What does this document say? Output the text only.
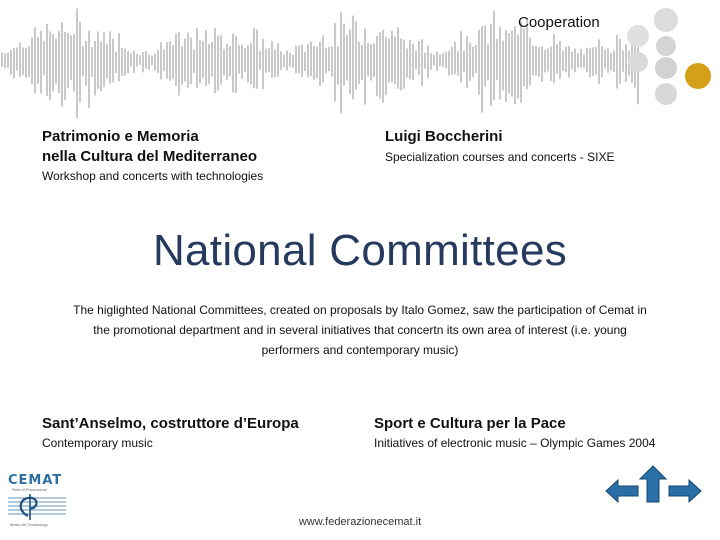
Cooperation
Patrimonio e Memoria
nella Cultura del Mediterraneo
Workshop and concerts with technologies
Luigi Boccherini
Specialization courses and concerts - SIXE
National Committees
The higlighted National Committees, created on proposals by Italo Gomez, saw the participation of Cemat in
the promotional department and in several initiatives that concertn its own area of interest (i.e. young
performers and contemporary music)
Sant’Anselmo, costruttore d’Europa
Contemporary music
Sport e Cultura per la Pace
Initiatives of electronic music – Olympic Games 2004
CEMAT
Rete di Promozione
Music Art Technology	www.federazionecemat.it
